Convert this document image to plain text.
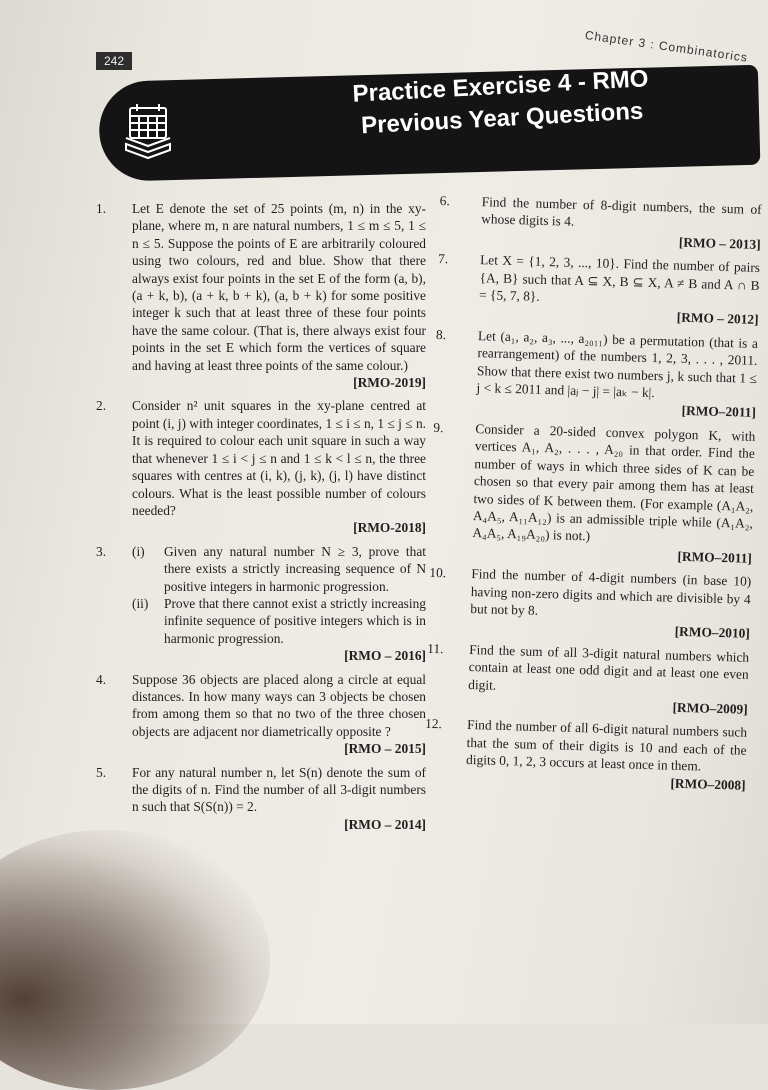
Chapter 3 : Combinatorics
242
Practice Exercise 4 - RMO
Previous Year Questions
1. Let E denote the set of 25 points (m, n) in the xy-plane, where m, n are natural numbers, 1 ≤ m ≤ 5, 1 ≤ n ≤ 5. Suppose the points of E are arbitrarily coloured using two colours, red and blue. Show that there always exist four points in the set E of the form (a, b), (a + k, b), (a + k, b + k), (a, b + k) for some positive integer k such that at least three of these four points have the same colour. (That is, there always exist four points in the set E which form the vertices of square and having at least three points of the same colour.)
[RMO-2019]
2. Consider n² unit squares in the xy-plane centred at point (i, j) with integer coordinates, 1 ≤ i ≤ n, 1 ≤ j ≤ n. It is required to colour each unit square in such a way that whenever 1 ≤ i < j ≤ n and 1 ≤ k < l ≤ n, the three squares with centres at (i, k), (j, k), (j, l) have distinct colours. What is the least possible number of colours needed?
[RMO-2018]
3. (i) Given any natural number N ≥ 3, prove that there exists a strictly increasing sequence of N positive integers in harmonic progression.
(ii) Prove that there cannot exist a strictly increasing infinite sequence of positive integers which is in harmonic progression.
[RMO – 2016]
4. Suppose 36 objects are placed along a circle at equal distances. In how many ways can 3 objects be chosen from among them so that no two of the three chosen objects are adjacent nor diametrically opposite ?
[RMO – 2015]
5. For any natural number n, let S(n) denote the sum of the digits of n. Find the number of all 3-digit numbers n such that S(S(n)) = 2.
[RMO – 2014]
6. Find the number of 8-digit numbers, the sum of whose digits is 4.
[RMO – 2013]
7. Let X = {1, 2, 3, ..., 10}. Find the number of pairs {A, B} such that A ⊆ X, B ⊆ X, A ≠ B and A ∩ B = {5, 7, 8}.
[RMO – 2012]
8. Let (a₁, a₂, a₃, ..., a₂₀₁₁) be a permutation (that is a rearrangement) of the numbers 1, 2, 3, . . . , 2011. Show that there exist two numbers j, k such that 1 ≤ j < k ≤ 2011 and |aⱼ − j| = |aₖ − k|.
[RMO–2011]
9. Consider a 20-sided convex polygon K, with vertices A₁, A₂, . . . , A₂₀ in that order. Find the number of ways in which three sides of K can be chosen so that every pair among them has at least two sides of K between them. (For example (A₁A₂, A₄A₅, A₁₁A₁₂) is an admissible triple while (A₁A₂, A₄A₅, A₁₉A₂₀) is not.)
[RMO–2011]
10. Find the number of 4-digit numbers (in base 10) having non-zero digits and which are divisible by 4 but not by 8.
[RMO–2010]
11. Find the sum of all 3-digit natural numbers which contain at least one odd digit and at least one even digit.
[RMO–2009]
12. Find the number of all 6-digit natural numbers such that the sum of their digits is 10 and each of the digits 0, 1, 2, 3 occurs at least once in them.
[RMO–2008]
